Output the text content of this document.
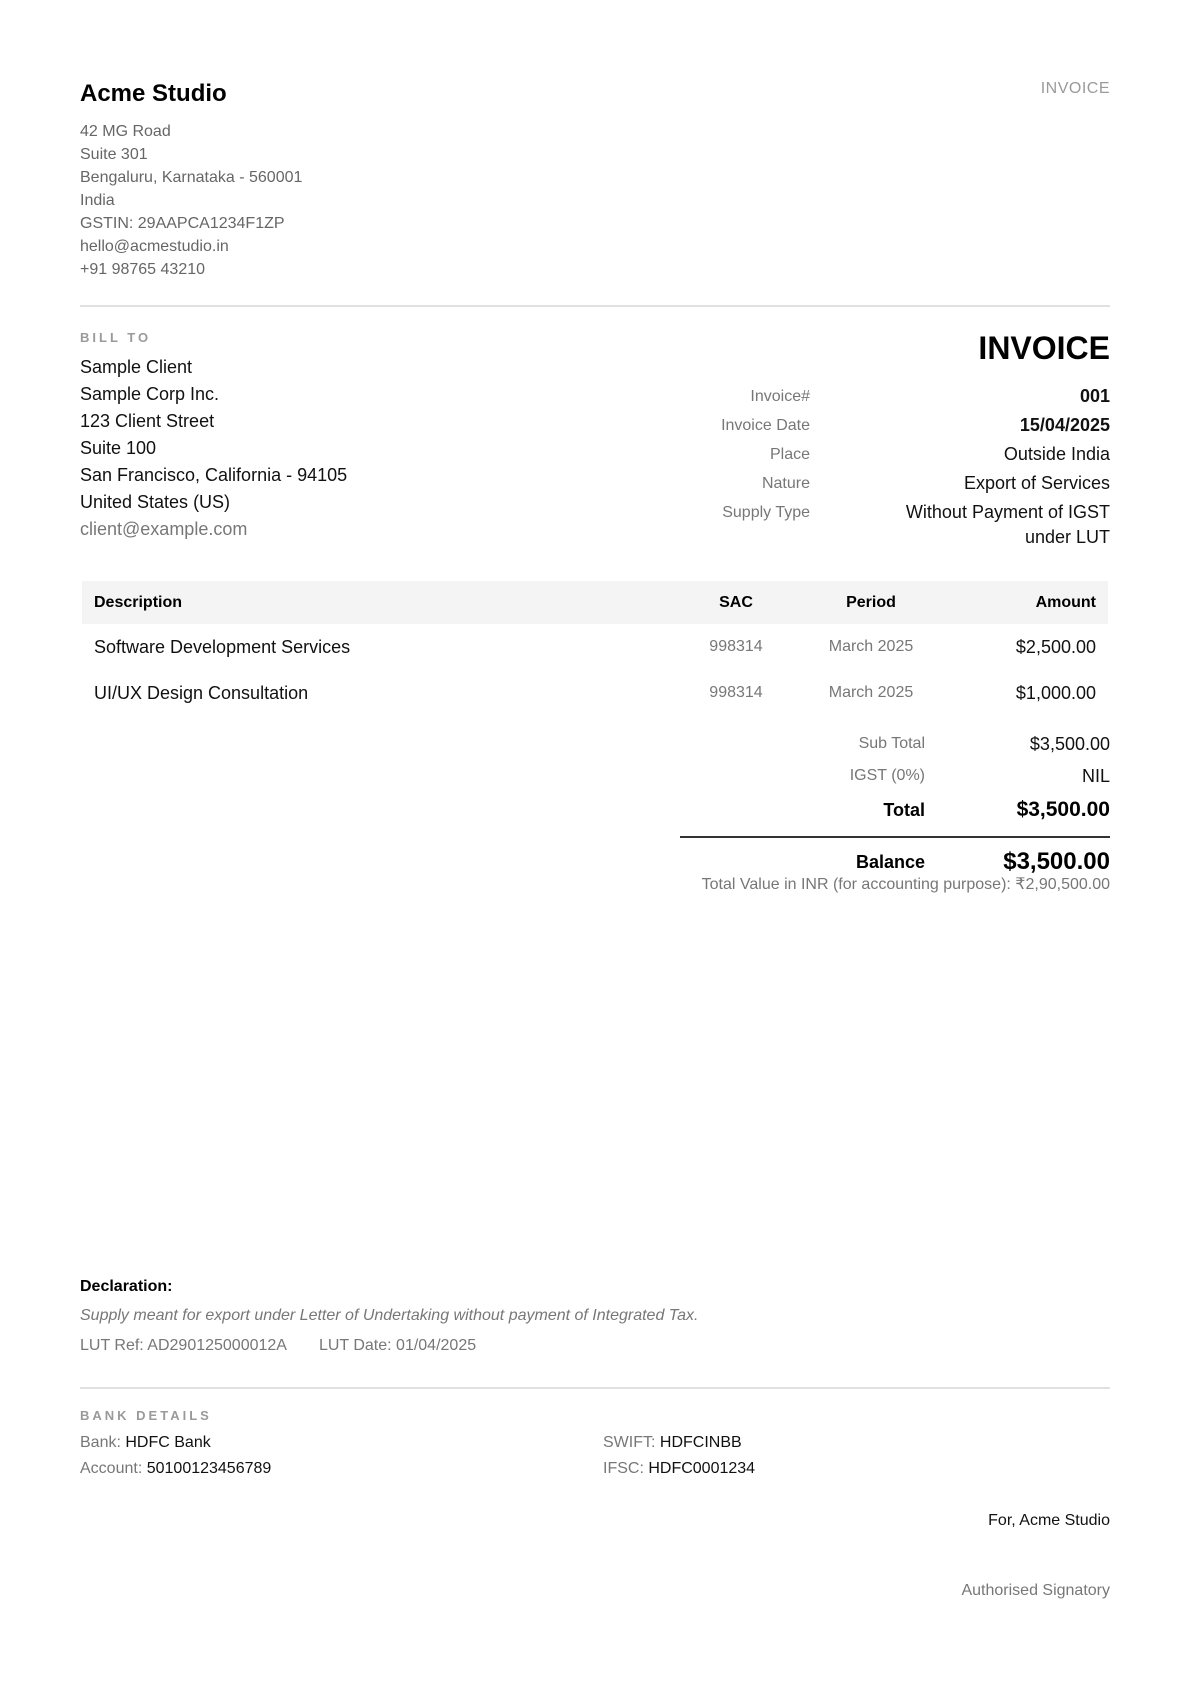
Acme Studio
42 MG Road
Suite 301
Bengaluru, Karnataka - 560001
India
GSTIN: 29AAPCA1234F1ZP
hello@acmestudio.in
+91 98765 43210
INVOICE
BILL TO
Sample Client
Sample Corp Inc.
123 Client Street
Suite 100
San Francisco, California - 94105
United States (US)
client@example.com
INVOICE
Invoice#	001
Invoice Date	15/04/2025
Place	Outside India
Nature	Export of Services
Supply Type	Without Payment of IGST under LUT
Description	SAC	Period	Amount
Software Development Services	998314	March 2025	$2,500.00
UI/UX Design Consultation	998314	March 2025	$1,000.00
Sub Total	$3,500.00
IGST (0%)	NIL
Total	$3,500.00
Balance	$3,500.00
Total Value in INR (for accounting purpose): ₹2,90,500.00
Declaration:
Supply meant for export under Letter of Undertaking without payment of Integrated Tax.
LUT Ref: AD290125000012A LUT Date: 01/04/2025
BANK DETAILS
Bank: HDFC Bank
Account: 50100123456789
SWIFT: HDFCINBB
IFSC: HDFC0001234
For, Acme Studio
Authorised Signatory
